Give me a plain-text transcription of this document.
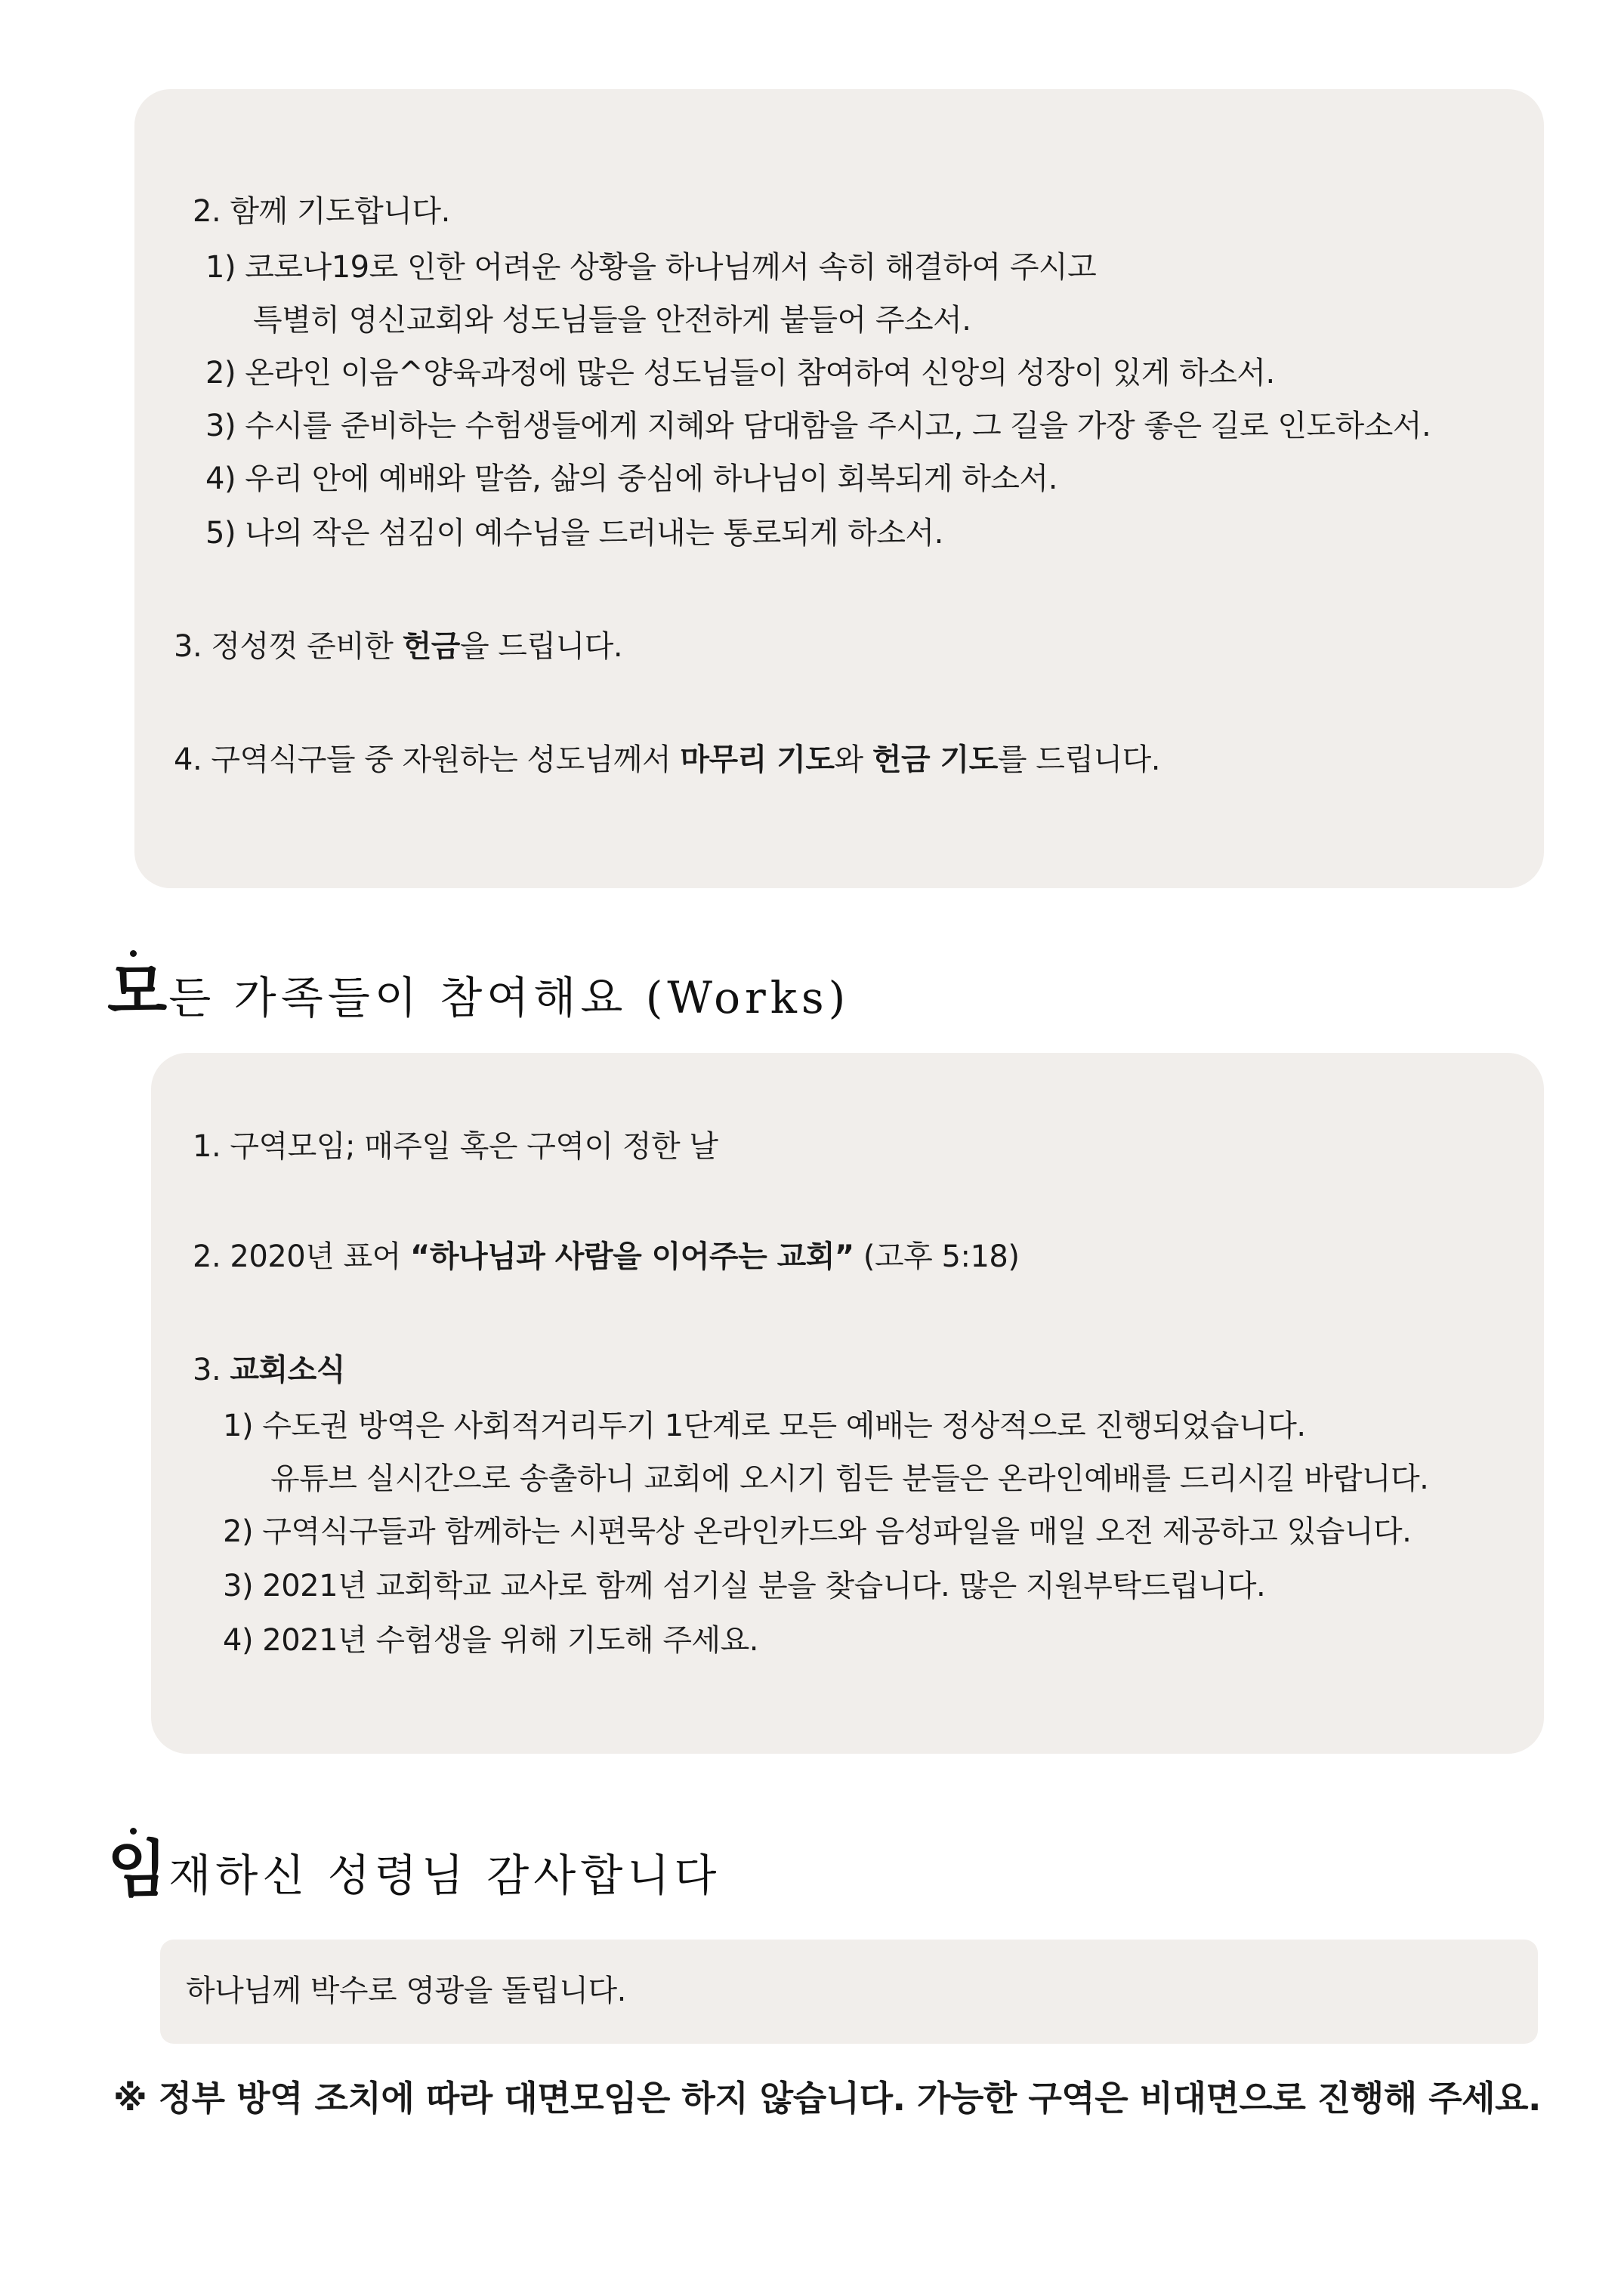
2. 함께 기도합니다.
1) 코로나19로 인한 어려운 상황을 하나님께서 속히 해결하여 주시고
특별히 영신교회와 성도님들을 안전하게 붙들어 주소서.
2) 온라인 이음^양육과정에 많은 성도님들이 참여하여 신앙의 성장이 있게 하소서.
3) 수시를 준비하는 수험생들에게 지혜와 담대함을 주시고, 그 길을 가장 좋은 길로 인도하소서.
4) 우리 안에 예배와 말씀, 삶의 중심에 하나님이 회복되게 하소서.
5) 나의 작은 섬김이 예수님을 드러내는 통로되게 하소서.
3. 정성껏 준비한 헌금을 드립니다.
4. 구역식구들 중 자원하는 성도님께서 마무리 기도와 헌금 기도를 드립니다.
모든 가족들이 참여해요 (Works)
1. 구역모임; 매주일 혹은 구역이 정한 날
2. 2020년 표어 “하나님과 사람을 이어주는 교회” (고후 5:18)
3. 교회소식
1) 수도권 방역은 사회적거리두기 1단계로 모든 예배는 정상적으로 진행되었습니다.
유튜브 실시간으로 송출하니 교회에 오시기 힘든 분들은 온라인예배를 드리시길 바랍니다.
2) 구역식구들과 함께하는 시편묵상 온라인카드와 음성파일을 매일 오전 제공하고 있습니다.
3) 2021년 교회학교 교사로 함께 섬기실 분을 찾습니다. 많은 지원부탁드립니다.
4) 2021년 수험생을 위해 기도해 주세요.
임재하신 성령님 감사합니다
하나님께 박수로 영광을 돌립니다.
※ 정부 방역 조치에 따라 대면모임은 하지 않습니다. 가능한 구역은 비대면으로 진행해 주세요.
